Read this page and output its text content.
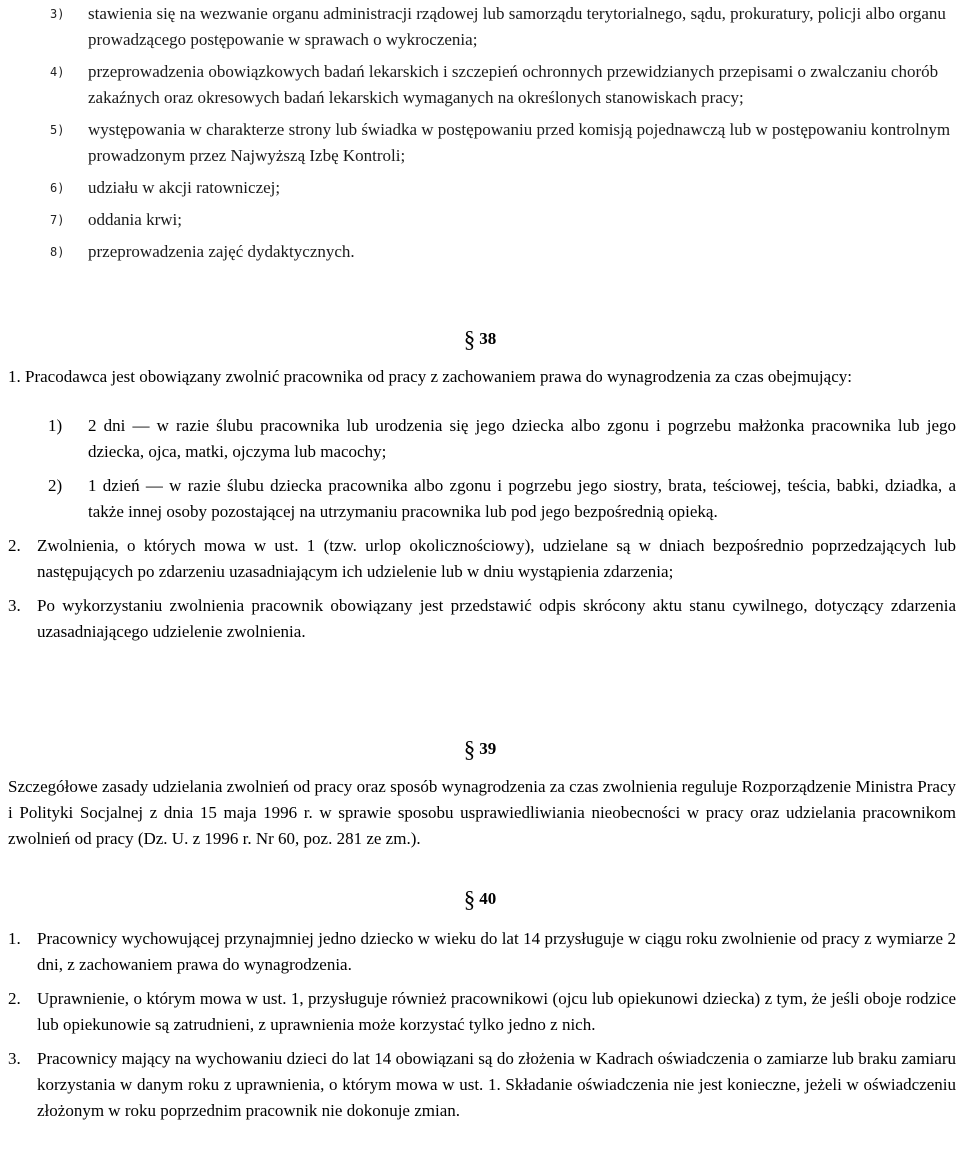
3)	stawienia się na wezwanie organu administracji rządowej lub samorządu terytorialnego, sądu, prokuratury, policji albo organu prowadzącego postępowanie w sprawach o wykroczenia;
4)	przeprowadzenia obowiązkowych badań lekarskich i szczepień ochronnych przewidzianych przepisami o zwalczaniu chorób zakaźnych oraz okresowych badań lekarskich wymaganych na określonych stanowiskach pracy;
5)	występowania w charakterze strony lub świadka w postępowaniu przed komisją pojednawczą lub w postępowaniu kontrolnym prowadzonym przez Najwyższą Izbę Kontroli;
6)	udziału w akcji ratowniczej;
7)	oddania krwi;
8)	przeprowadzenia zajęć dydaktycznych.
§ 38
1. Pracodawca jest obowiązany zwolnić pracownika od pracy z zachowaniem prawa do wynagrodzenia za czas obejmujący:
1)	2 dni — w razie ślubu pracownika lub urodzenia się jego dziecka albo zgonu i pogrzebu małżonka pracownika lub jego dziecka, ojca, matki, ojczyma lub macochy;
2)	1 dzień — w razie ślubu dziecka pracownika albo zgonu i pogrzebu jego siostry, brata, teściowej, teścia, babki, dziadka, a także innej osoby pozostającej na utrzymaniu pracownika lub pod jego bezpośrednią opieką.
2. Zwolnienia, o których mowa w ust. 1 (tzw. urlop okolicznościowy), udzielane są w dniach bezpośrednio poprzedzających lub następujących po zdarzeniu uzasadniającym ich udzielenie lub w dniu wystąpienia zdarzenia;
3. Po wykorzystaniu zwolnienia pracownik obowiązany jest przedstawić odpis skrócony aktu stanu cywilnego, dotyczący zdarzenia uzasadniającego udzielenie zwolnienia.
§ 39
Szczegółowe zasady udzielania zwolnień od pracy oraz sposób wynagrodzenia za czas zwolnienia reguluje Rozporządzenie Ministra Pracy i Polityki Socjalnej z dnia 15 maja 1996 r. w sprawie sposobu usprawiedliwiania nieobecności w pracy oraz udzielania pracownikom zwolnień od pracy (Dz. U. z 1996 r. Nr 60, poz. 281 ze zm.).
§ 40
1. Pracownicy wychowującej przynajmniej jedno dziecko w wieku do lat 14 przysługuje w ciągu roku zwolnienie od pracy z wymiarze 2 dni, z zachowaniem prawa do wynagrodzenia.
2. Uprawnienie, o którym mowa w ust. 1, przysługuje również pracownikowi (ojcu lub opiekunowi dziecka) z tym, że jeśli oboje rodzice lub opiekunowie są zatrudnieni, z uprawnienia może korzystać tylko jedno z nich.
3. Pracownicy mający na wychowaniu dzieci do lat 14 obowiązani są do złożenia w Kadrach oświadczenia o zamiarze lub braku zamiaru korzystania w danym roku z uprawnienia, o którym mowa w ust. 1. Składanie oświadczenia nie jest konieczne, jeżeli w oświadczeniu złożonym w roku poprzednim pracownik nie dokonuje zmian.
